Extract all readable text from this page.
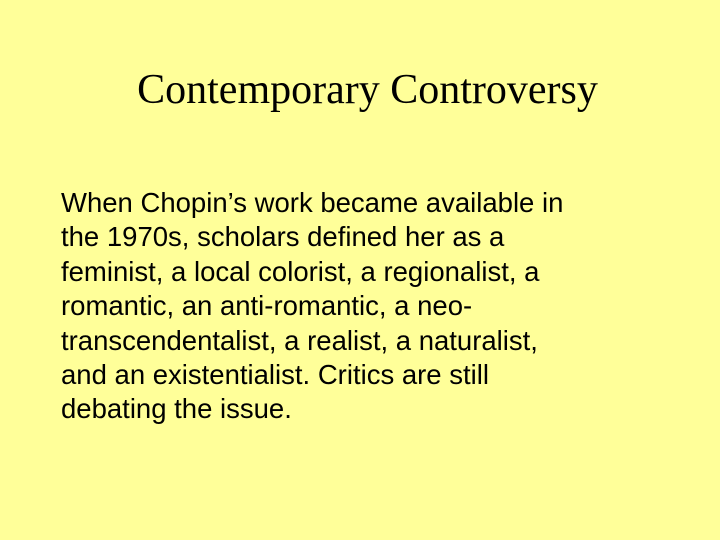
Contemporary Controversy
When Chopin’s work became available in
the 1970s, scholars defined her as a
feminist, a local colorist, a regionalist, a
romantic, an anti-romantic, a neo-
transcendentalist, a realist, a naturalist,
and an existentialist. Critics are still
debating the issue.
